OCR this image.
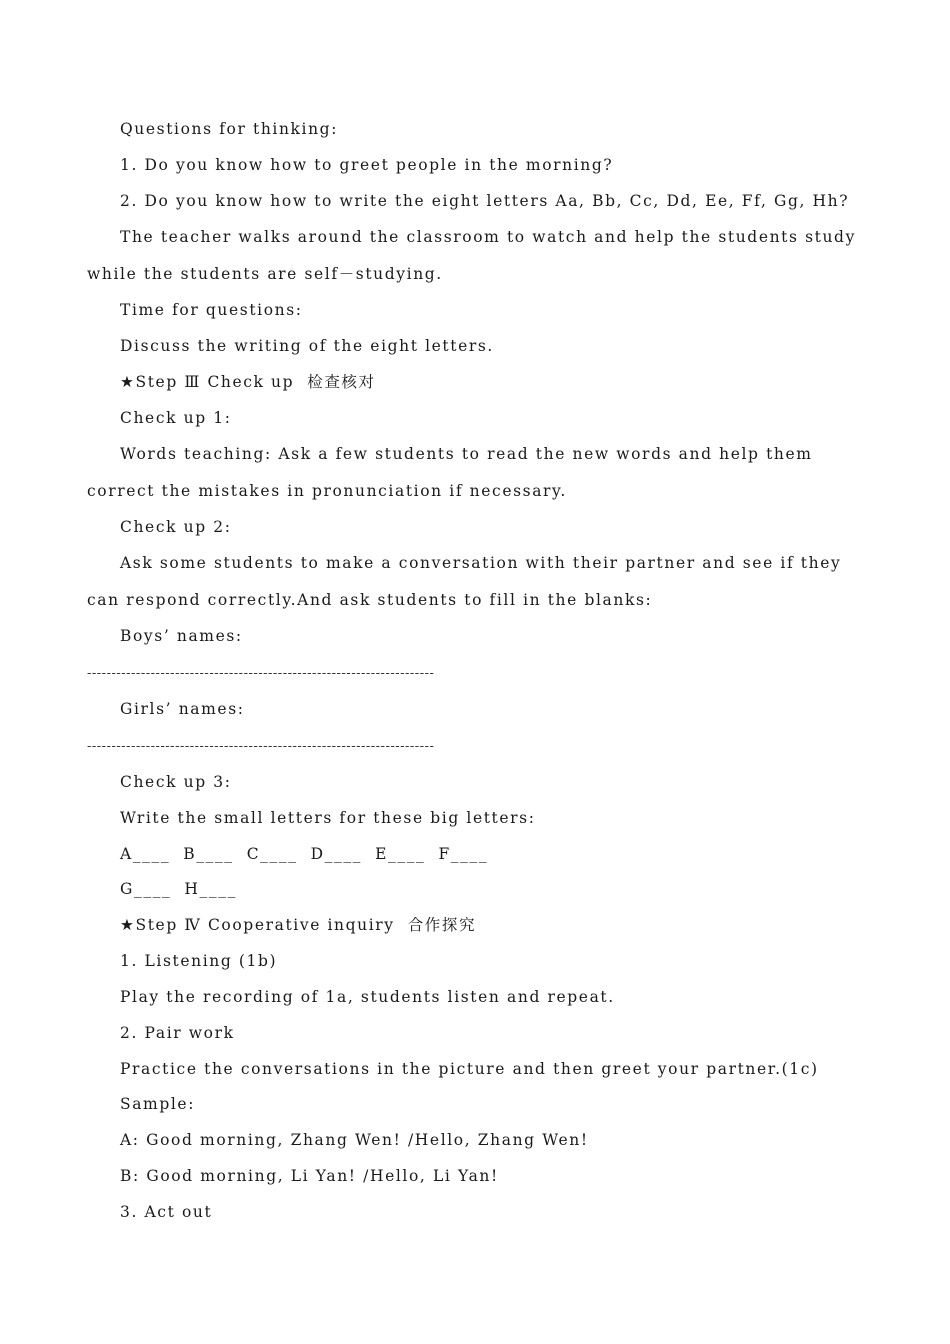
Questions for thinking:
1. Do you know how to greet people in the morning?
2. Do you know how to write the eight letters Aa, Bb, Cc, Dd, Ee, Ff, Gg, Hh?
The teacher walks around the classroom to watch and help the students study
while the students are self－studying.
Time for questions:
Discuss the writing of the eight letters.
★Step Ⅲ Check up  检查核对
Check up 1:
Words teaching: Ask a few students to read the new words and help them
correct the mistakes in pronunciation if necessary.
Check up 2:
Ask some students to make a conversation with their partner and see if they
can respond correctly.And ask students to fill in the blanks:
Boys’ names:
-----------------------------------------------------------------------
Girls’ names:
-----------------------------------------------------------------------
Check up 3:
Write the small letters for these big letters:
A____  B____  C____  D____  E____  F____
G____  H____
★Step Ⅳ Cooperative inquiry  合作探究
1. Listening (1b)
Play the recording of 1a, students listen and repeat.
2. Pair work
Practice the conversations in the picture and then greet your partner.(1c)
Sample:
A: Good morning, Zhang Wen! /Hello, Zhang Wen!
B: Good morning, Li Yan! /Hello, Li Yan!
3. Act out
